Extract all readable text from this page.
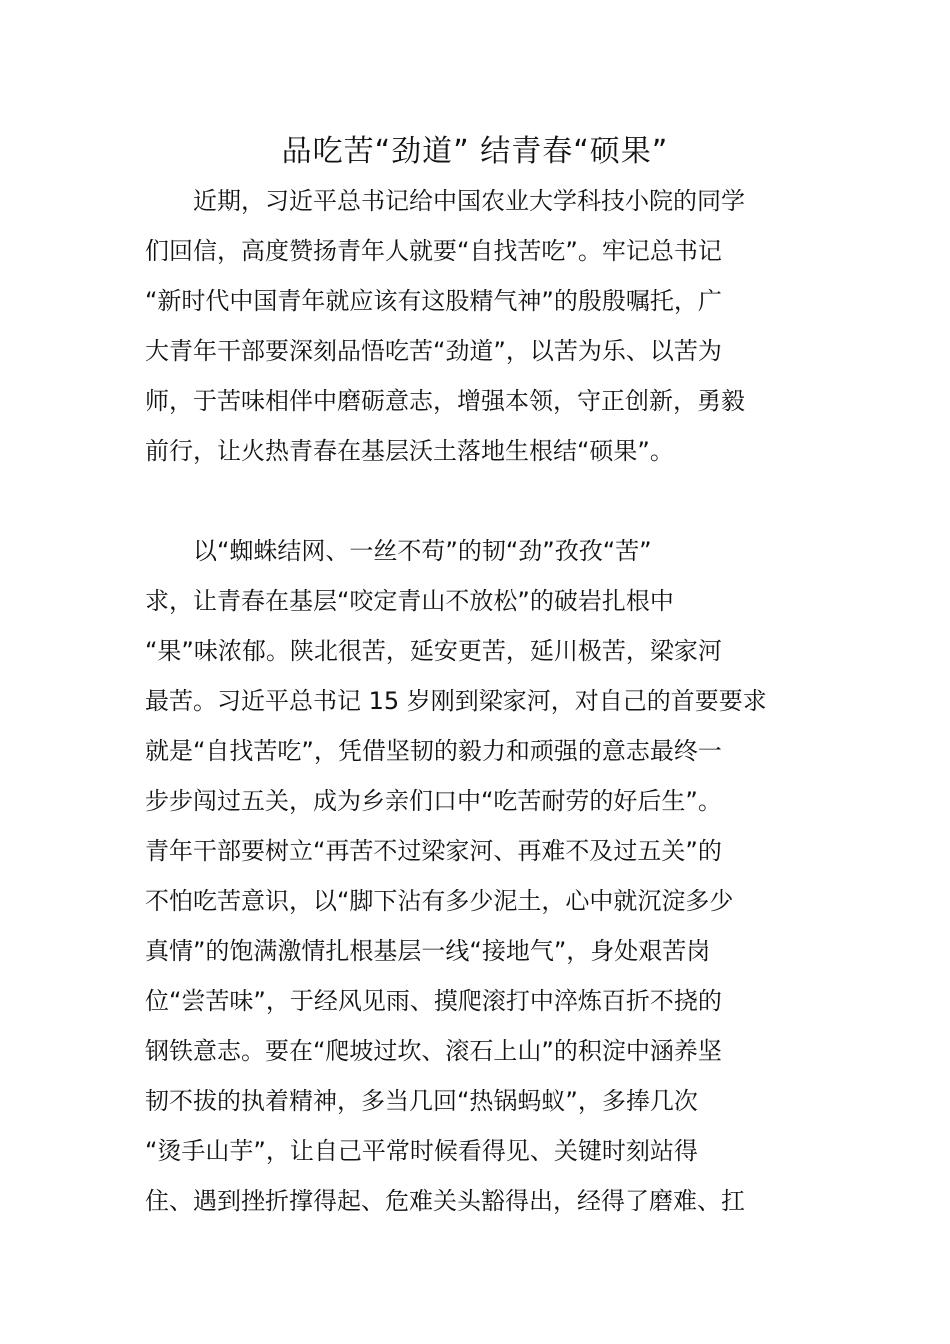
品吃苦“劲道” 结青春“硕果”
近期，习近平总书记给中国农业大学科技小院的同学
们回信，高度赞扬青年人就要“自找苦吃”。牢记总书记
“新时代中国青年就应该有这股精气神”的殷殷嘱托，广
大青年干部要深刻品悟吃苦“劲道”，以苦为乐、以苦为
师，于苦味相伴中磨砺意志，增强本领，守正创新，勇毅
前行，让火热青春在基层沃土落地生根结“硕果”。
以“蜘蛛结网、一丝不苟”的韧“劲”孜孜“苦”
求，让青春在基层“咬定青山不放松”的破岩扎根中
“果”味浓郁。陕北很苦，延安更苦，延川极苦，梁家河
最苦。习近平总书记 15 岁刚到梁家河，对自己的首要要求
就是“自找苦吃”，凭借坚韧的毅力和顽强的意志最终一
步步闯过五关，成为乡亲们口中“吃苦耐劳的好后生”。
青年干部要树立“再苦不过梁家河、再难不及过五关”的
不怕吃苦意识，以“脚下沾有多少泥土，心中就沉淀多少
真情”的饱满激情扎根基层一线“接地气”，身处艰苦岗
位“尝苦味”，于经风见雨、摸爬滚打中淬炼百折不挠的
钢铁意志。要在“爬坡过坎、滚石上山”的积淀中涵养坚
韧不拔的执着精神，多当几回“热锅蚂蚁”，多捧几次
“烫手山芋”，让自己平常时候看得见、关键时刻站得
住、遇到挫折撑得起、危难关头豁得出，经得了磨难、扛
